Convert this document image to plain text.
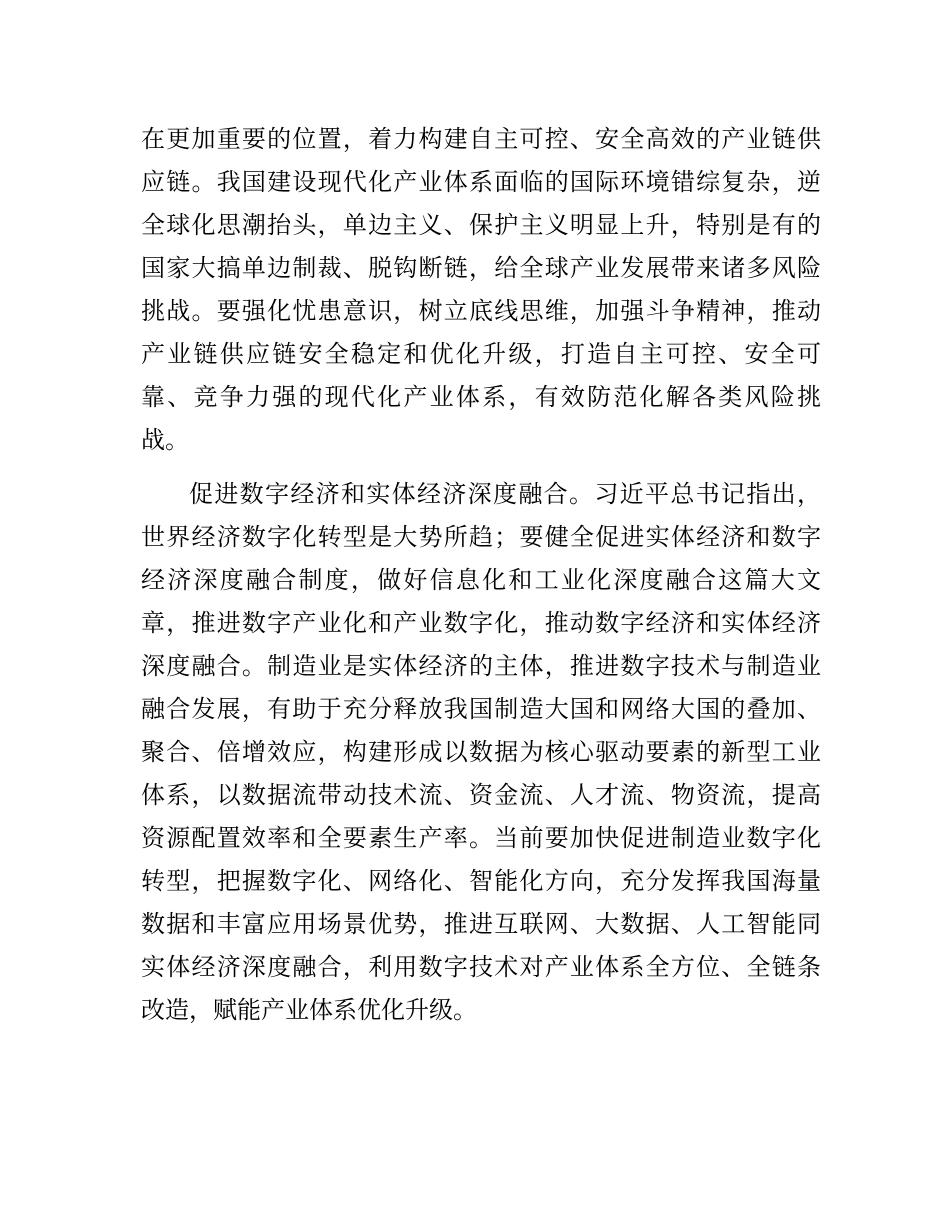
在更加重要的位置，着力构建自主可控、安全高效的产业链供
应链。我国建设现代化产业体系面临的国际环境错综复杂，逆
全球化思潮抬头，单边主义、保护主义明显上升，特别是有的
国家大搞单边制裁、脱钩断链，给全球产业发展带来诸多风险
挑战。要强化忧患意识，树立底线思维，加强斗争精神，推动
产业链供应链安全稳定和优化升级，打造自主可控、安全可
靠、竞争力强的现代化产业体系，有效防范化解各类风险挑
战。
促进数字经济和实体经济深度融合。习近平总书记指出，
世界经济数字化转型是大势所趋；要健全促进实体经济和数字
经济深度融合制度，做好信息化和工业化深度融合这篇大文
章，推进数字产业化和产业数字化，推动数字经济和实体经济
深度融合。制造业是实体经济的主体，推进数字技术与制造业
融合发展，有助于充分释放我国制造大国和网络大国的叠加、
聚合、倍增效应，构建形成以数据为核心驱动要素的新型工业
体系，以数据流带动技术流、资金流、人才流、物资流，提高
资源配置效率和全要素生产率。当前要加快促进制造业数字化
转型，把握数字化、网络化、智能化方向，充分发挥我国海量
数据和丰富应用场景优势，推进互联网、大数据、人工智能同
实体经济深度融合，利用数字技术对产业体系全方位、全链条
改造，赋能产业体系优化升级。
